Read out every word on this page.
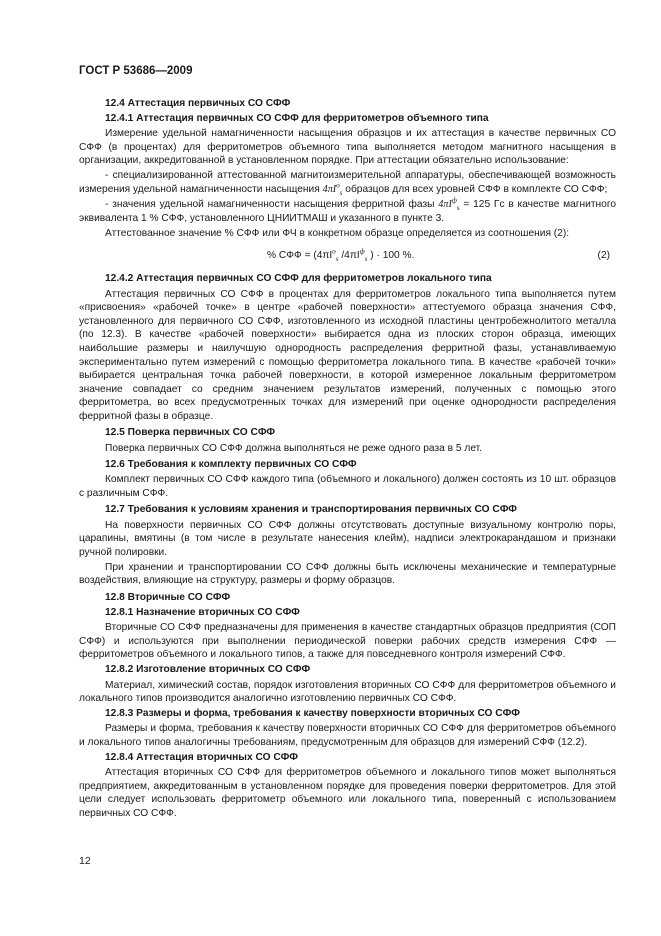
ГОСТ Р 53686—2009
12.4 Аттестация первичных СО СФФ
12.4.1 Аттестация первичных СО СФФ для ферритометров объемного типа
Измерение удельной намагниченности насыщения образцов и их аттестация в качестве первичных СО СФФ (в процентах) для ферритометров объемного типа выполняется методом магнитного насыщения в организации, аккредитованной в установленном порядке. При аттестации обязательно использование:
- специализированной аттестованной магнитоизмерительной аппаратуры, обеспечивающей возможность измерения удельной намагниченности насыщения $4\pi I^o_s$ образцов для всех уровней СФФ в комплекте СО СФФ;
- значения удельной намагниченности насыщения ферритной фазы $4\pi I^ф_s = 125$ Гс в качестве магнитного эквивалента 1 % СФФ, установленного ЦНИИТМАШ и указанного в пункте 3.
Аттестованное значение % СФФ или ФЧ в конкретном образце определяется из соотношения (2):
% СФФ = ($4\pi I^o_s$ $/4\pi I^ф_s$ ) · 100 %.	(2)
12.4.2 Аттестация первичных СО СФФ для ферритометров локального типа
Аттестация первичных СО СФФ в процентах для ферритометров локального типа выполняется путем «присвоения» «рабочей точке» в центре «рабочей поверхности» аттестуемого образца значения СФФ, установленного для первичного СО СФФ, изготовленного из исходной пластины центробежнолитого металла (по 12.3). В качестве «рабочей поверхности» выбирается одна из плоских сторон образца, имеющих наибольшие размеры и наилучшую однородность распределения ферритной фазы, устанавливаемую экспериментально путем измерений с помощью ферритометра локального типа. В качестве «рабочей точки» выбирается центральная точка рабочей поверхности, в которой измеренное локальным ферритометром значение совпадает со средним значением результатов измерений, полученных с помощью этого ферритометра, во всех предусмотренных точках для измерений при оценке однородности распределения ферритной фазы в образце.
12.5 Поверка первичных СО СФФ
Поверка первичных СО СФФ должна выполняться не реже одного раза в 5 лет.
12.6 Требования к комплекту первичных СО СФФ
Комплект первичных СО СФФ каждого типа (объемного и локального) должен состоять из 10 шт. образцов с различным СФФ.
12.7 Требования к условиям хранения и транспортирования первичных СО СФФ
На поверхности первичных СО СФФ должны отсутствовать доступные визуальному контролю поры, царапины, вмятины (в том числе в результате нанесения клейм), надписи электрокарандашом и признаки ручной полировки.
При хранении и транспортировании СО СФФ должны быть исключены механические и температурные воздействия, влияющие на структуру, размеры и форму образцов.
12.8 Вторичные СО СФФ
12.8.1 Назначение вторичных СО СФФ
Вторичные СО СФФ предназначены для применения в качестве стандартных образцов предприятия (СОП СФФ) и используются при выполнении периодической поверки рабочих средств измерения СФФ — ферритометров объемного и локального типов, а также для повседневного контроля измерений СФФ.
12.8.2 Изготовление вторичных СО СФФ
Материал, химический состав, порядок изготовления вторичных СО СФФ для ферритометров объемного и локального типов производится аналогично изготовлению первичных СО СФФ.
12.8.3 Размеры и форма, требования к качеству поверхности вторичных СО СФФ
Размеры и форма, требования к качеству поверхности вторичных СО СФФ для ферритометров объемного и локального типов аналогичны требованиям, предусмотренным для образцов для измерений СФФ (12.2).
12.8.4 Аттестация вторичных СО СФФ
Аттестация вторичных СО СФФ для ферритометров объемного и локального типов может выполняться предприятием, аккредитованным в установленном порядке для проведения поверки ферритометров. Для этой цели следует использовать ферритометр объемного или локального типа, поверенный с использованием первичных СО СФФ.
12
